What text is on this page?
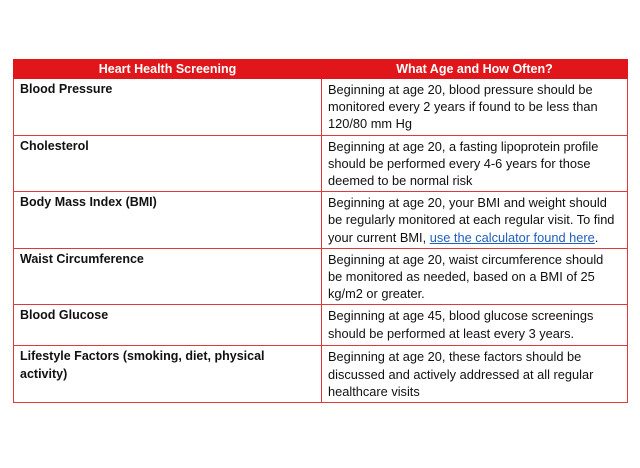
Heart Health Screening	What Age and How Often?
Blood Pressure	Beginning at age 20, blood pressure should be monitored every 2 years if found to be less than 120/80 mm Hg
Cholesterol	Beginning at age 20, a fasting lipoprotein profile should be performed every 4-6 years for those deemed to be normal risk
Body Mass Index (BMI)	Beginning at age 20, your BMI and weight should be regularly monitored at each regular visit. To find your current BMI, use the calculator found here.
Waist Circumference	Beginning at age 20, waist circumference should be monitored as needed, based on a BMI of 25 kg/m2 or greater.
Blood Glucose	Beginning at age 45, blood glucose screenings should be performed at least every 3 years.
Lifestyle Factors (smoking, diet, physical activity)	Beginning at age 20, these factors should be discussed and actively addressed at all regular healthcare visits
